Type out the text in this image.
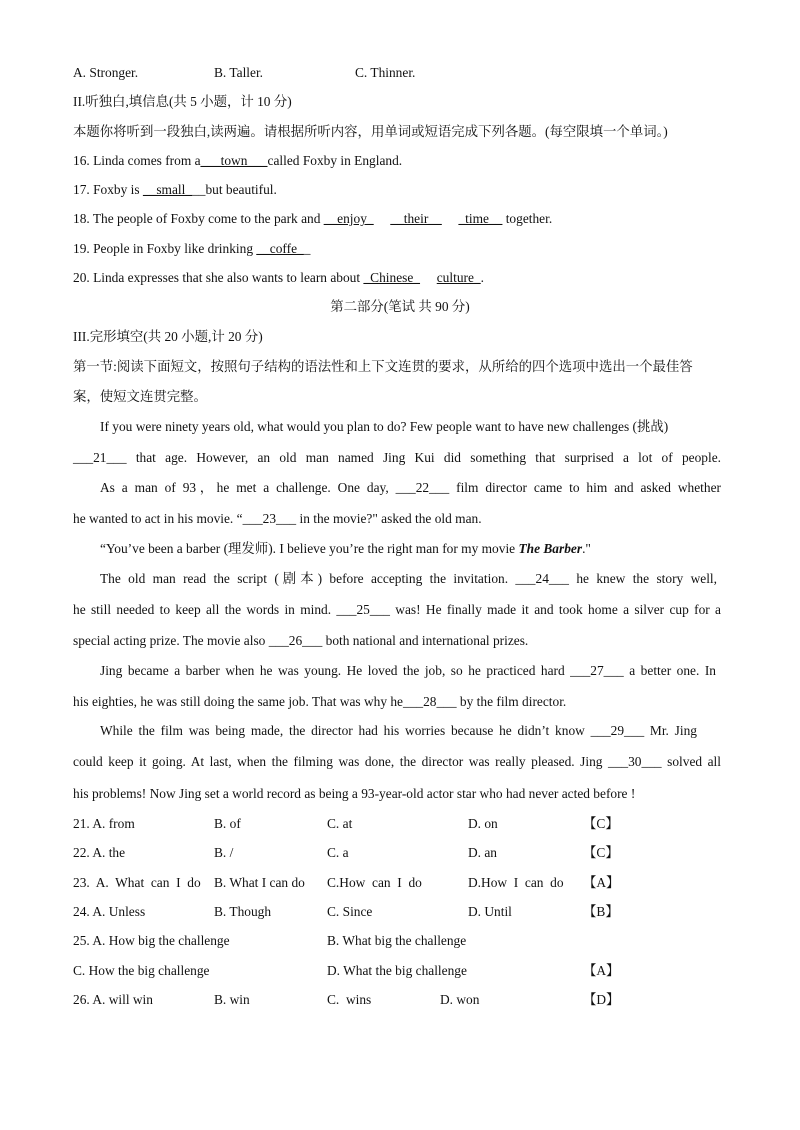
A. Stronger.	B. Taller.	C. Thinner.
II.听独白,填信息(共 5 小题，计 10 分)
本题你将听到一段独白,读两遍。请根据所听内容，用单词或短语完成下列各题。(每空限填一个单词。)
16. Linda comes from a___town___called Foxby in England.
17. Foxby is __small___but beautiful.
18. The people of Foxby come to the park and __enjoy_ __their__ _time__ together.
19. People in Foxby like drinking __coffe__
20. Linda expresses that she also wants to learn about _Chinese_ culture_.
第二部分(笔试 共 90 分)
III.完形填空(共 20 小题,计 20 分)
第一节:阅读下面短文，按照句子结构的语法性和上下文连贯的要求，从所给的四个选项中选出一个最佳答
案，使短文连贯完整。
If you were ninety years old, what would you plan to do? Few people want to have new challenges (挑战)
___21___ that age. However, an old man named Jing Kui did something that surprised a lot of people.
As a man of 93，he met a challenge. One day, ___22___ film director came to him and asked whether
he wanted to act in his movie. “___23___ in the movie?" asked the old man.
“You’ve been a barber (理发师). I believe you’re the right man for my movie The Barber."
The old man read the script (剧本) before accepting the invitation. ___24___ he knew the story well,
he still needed to keep all the words in mind. ___25___ was! He finally made it and took home a silver cup for a
special acting prize. The movie also ___26___ both national and international prizes.
Jing became a barber when he was young. He loved the job, so he practiced hard ___27___ a better one. In
his eighties, he was still doing the same job. That was why he___28___ by the film director.
While the film was being made, the director had his worries because he didn’t know ___29___ Mr. Jing
could keep it going. At last, when the filming was done, the director was really pleased. Jing ___30___ solved all
his problems! Now Jing set a world record as being a 93-year-old actor star who had never acted before !
21. A. from	B. of	C. at	D. on	【C】
22. A. the	B. /	C. a	D. an	【C】
23.  A.  What  can  I  do B. What I can do C.How  can  I  do	D.How  I  can  do 【A】
24. A. Unless	B. Though	C. Since	D. Until	【B】
25. A. How big the challenge	B. What big the challenge
C. How the big challenge	D. What the big challenge	【A】
26. A. will win	B. win	C.  wins	D. won	【D】
